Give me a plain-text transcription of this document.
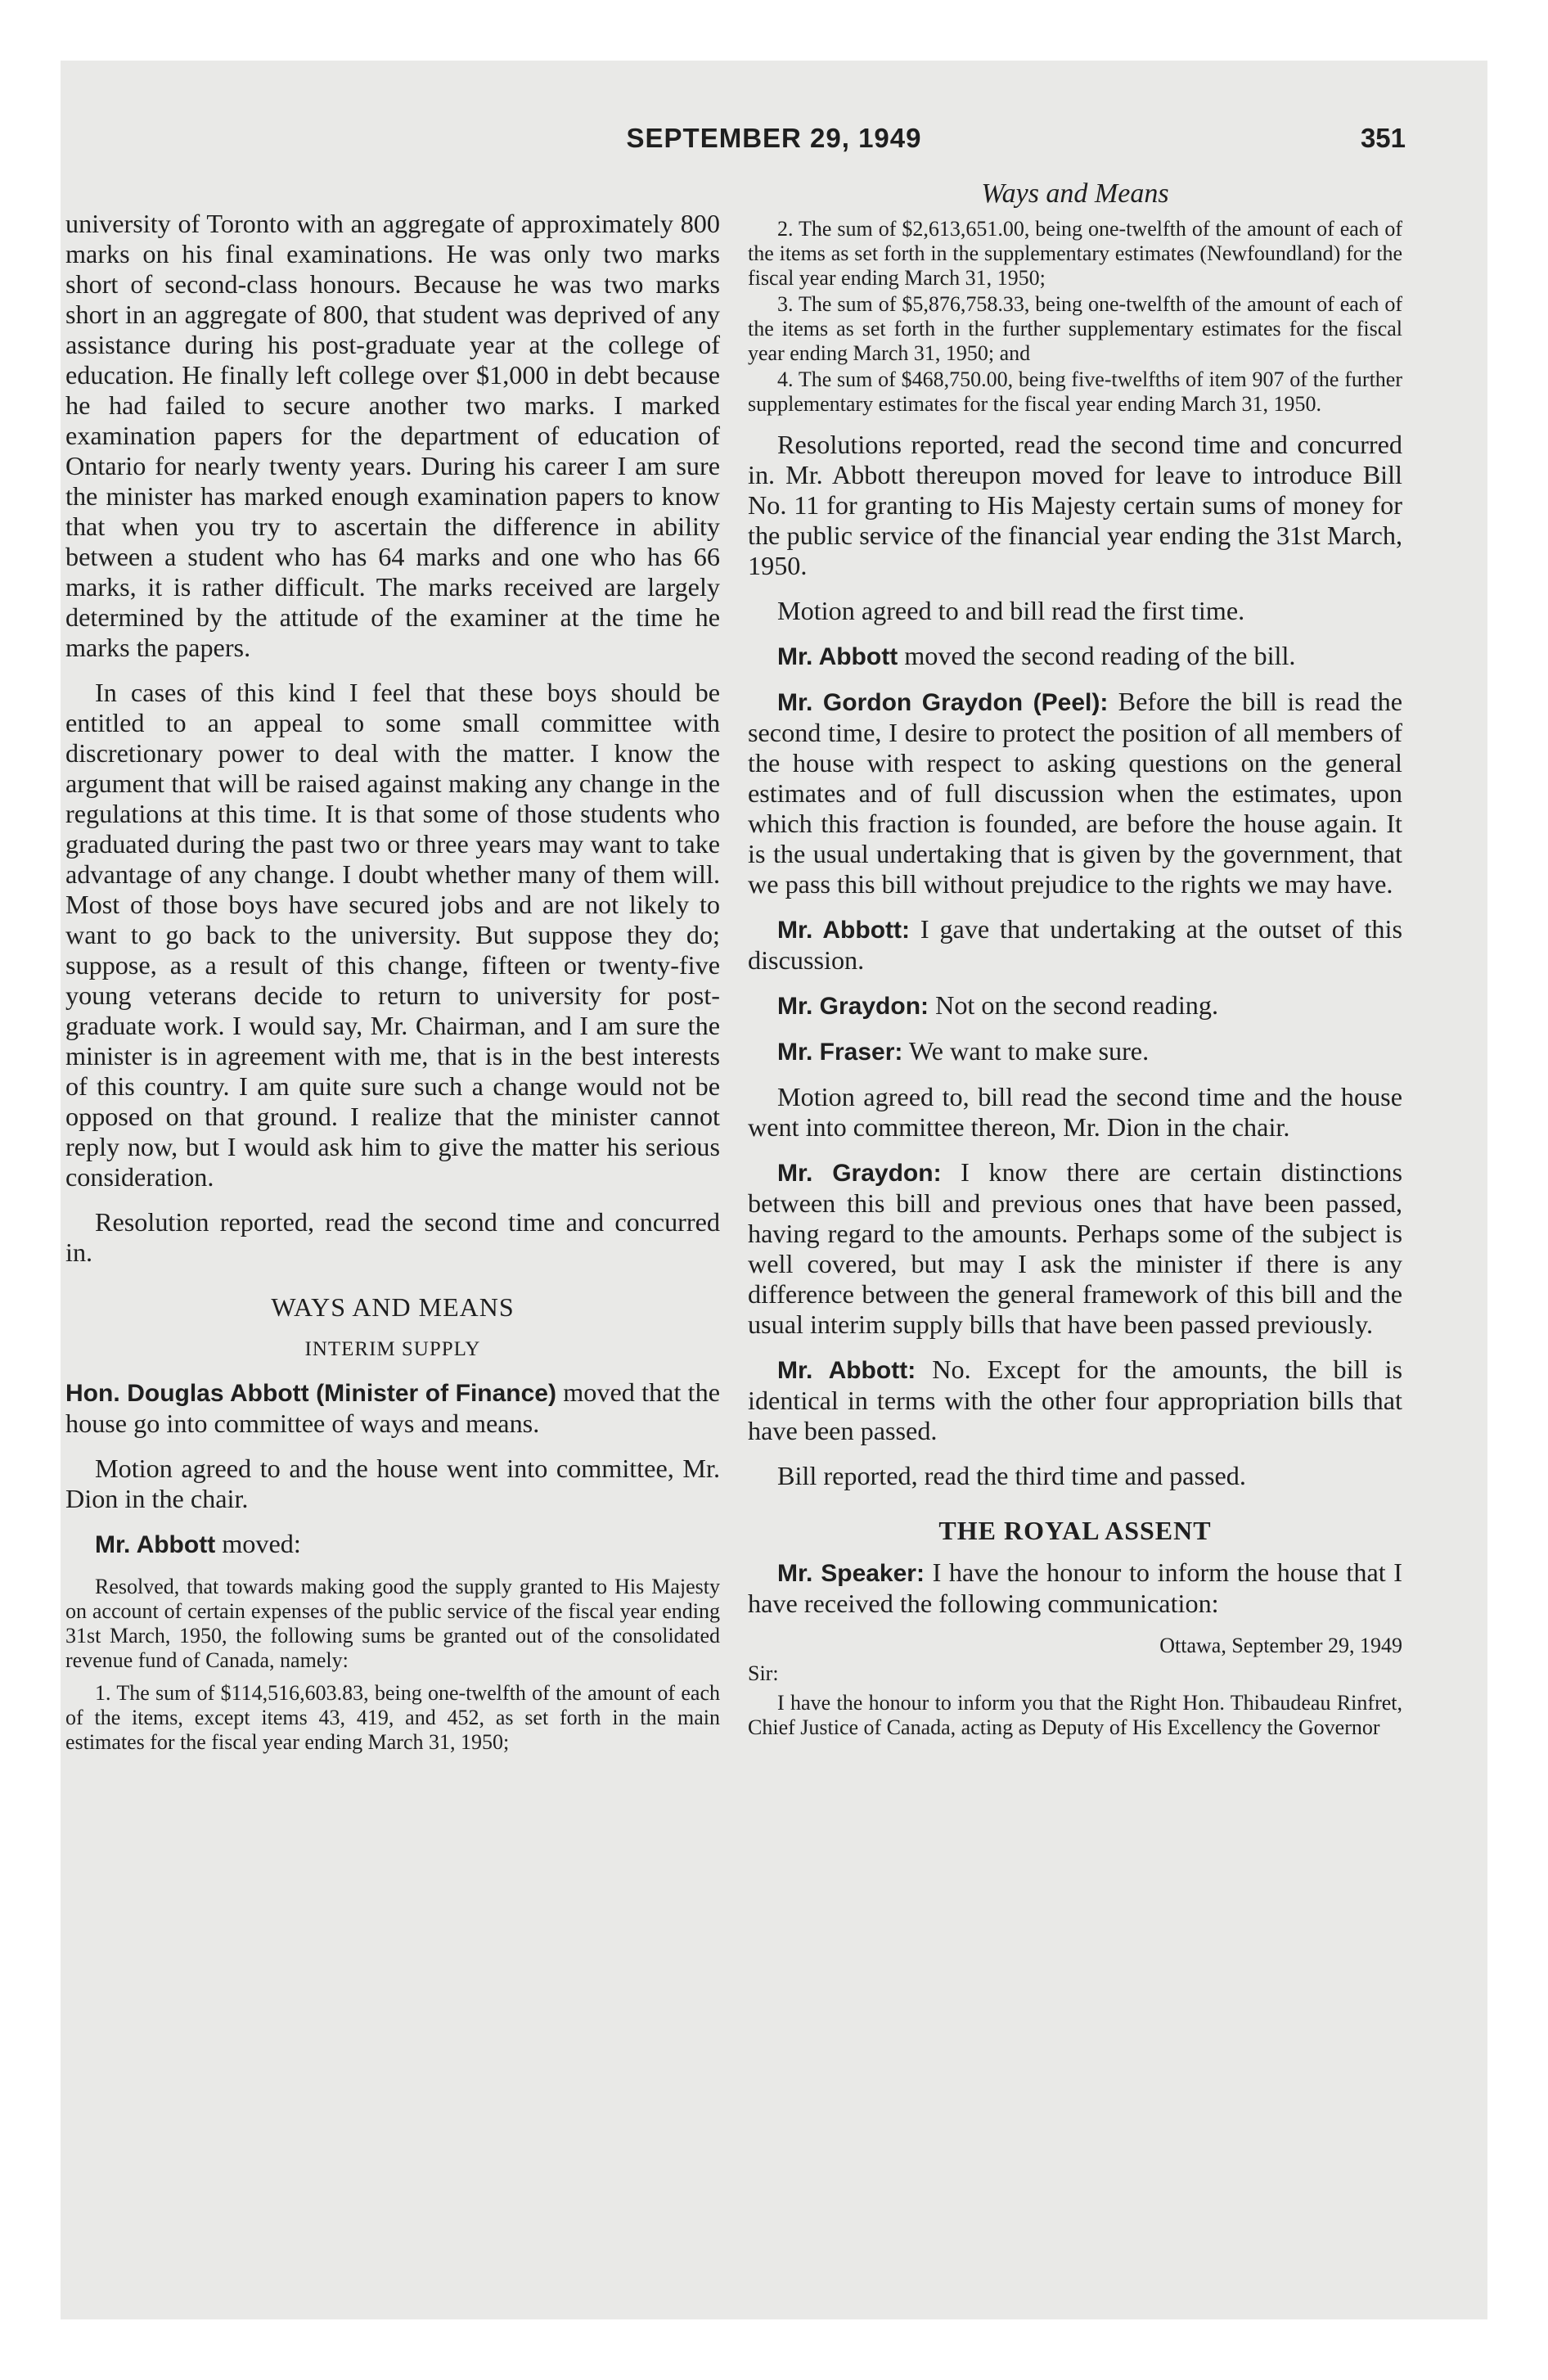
SEPTEMBER 29, 1949	351

university of Toronto with an aggregate of approximately 800 marks on his final examinations. He was only two marks short of second-class honours. Because he was two marks short in an aggregate of 800, that student was deprived of any assistance during his post-graduate year at the college of education. He finally left college over $1,000 in debt because he had failed to secure another two marks. I marked examination papers for the department of education of Ontario for nearly twenty years. During his career I am sure the minister has marked enough examination papers to know that when you try to ascertain the difference in ability between a student who has 64 marks and one who has 66 marks, it is rather difficult. The marks received are largely determined by the attitude of the examiner at the time he marks the papers.

In cases of this kind I feel that these boys should be entitled to an appeal to some small committee with discretionary power to deal with the matter. I know the argument that will be raised against making any change in the regulations at this time. It is that some of those students who graduated during the past two or three years may want to take advantage of any change. I doubt whether many of them will. Most of those boys have secured jobs and are not likely to want to go back to the university. But suppose they do; suppose, as a result of this change, fifteen or twenty-five young veterans decide to return to university for post-graduate work. I would say, Mr. Chairman, and I am sure the minister is in agreement with me, that is in the best interests of this country. I am quite sure such a change would not be opposed on that ground. I realize that the minister cannot reply now, but I would ask him to give the matter his serious consideration.

Resolution reported, read the second time and concurred in.

WAYS AND MEANS
INTERIM SUPPLY

Hon. Douglas Abbott (Minister of Finance) moved that the house go into committee of ways and means.

Motion agreed to and the house went into committee, Mr. Dion in the chair.

Mr. Abbott moved:

Resolved, that towards making good the supply granted to His Majesty on account of certain expenses of the public service of the fiscal year ending 31st March, 1950, the following sums be granted out of the consolidated revenue fund of Canada, namely:

1. The sum of $114,516,603.83, being one-twelfth of the amount of each of the items, except items 43, 419, and 452, as set forth in the main estimates for the fiscal year ending March 31, 1950;

Ways and Means

2. The sum of $2,613,651.00, being one-twelfth of the amount of each of the items as set forth in the supplementary estimates (Newfoundland) for the fiscal year ending March 31, 1950;

3. The sum of $5,876,758.33, being one-twelfth of the amount of each of the items as set forth in the further supplementary estimates for the fiscal year ending March 31, 1950; and

4. The sum of $468,750.00, being five-twelfths of item 907 of the further supplementary estimates for the fiscal year ending March 31, 1950.

Resolutions reported, read the second time and concurred in. Mr. Abbott thereupon moved for leave to introduce Bill No. 11 for granting to His Majesty certain sums of money for the public service of the financial year ending the 31st March, 1950.

Motion agreed to and bill read the first time.

Mr. Abbott moved the second reading of the bill.

Mr. Gordon Graydon (Peel): Before the bill is read the second time, I desire to protect the position of all members of the house with respect to asking questions on the general estimates and of full discussion when the estimates, upon which this fraction is founded, are before the house again. It is the usual undertaking that is given by the government, that we pass this bill without prejudice to the rights we may have.

Mr. Abbott: I gave that undertaking at the outset of this discussion.

Mr. Graydon: Not on the second reading.

Mr. Fraser: We want to make sure.

Motion agreed to, bill read the second time and the house went into committee thereon, Mr. Dion in the chair.

Mr. Graydon: I know there are certain distinctions between this bill and previous ones that have been passed, having regard to the amounts. Perhaps some of the subject is well covered, but may I ask the minister if there is any difference between the general framework of this bill and the usual interim supply bills that have been passed previously.

Mr. Abbott: No. Except for the amounts, the bill is identical in terms with the other four appropriation bills that have been passed.

Bill reported, read the third time and passed.

THE ROYAL ASSENT

Mr. Speaker: I have the honour to inform the house that I have received the following communication:

Ottawa, September 29, 1949
Sir:

I have the honour to inform you that the Right Hon. Thibaudeau Rinfret, Chief Justice of Canada, acting as Deputy of His Excellency the Governor
